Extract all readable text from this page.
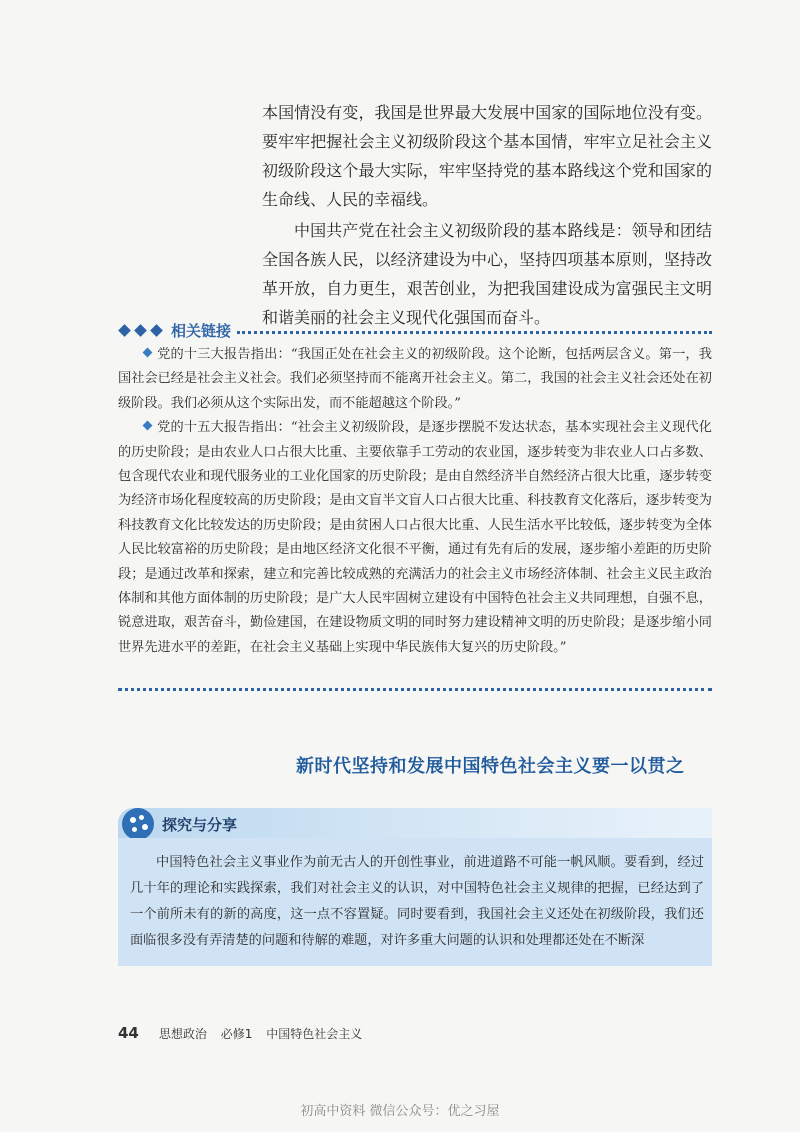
本国情没有变，我国是世界最大发展中国家的国际地位没有变。要牢牢把握社会主义初级阶段这个基本国情，牢牢立足社会主义初级阶段这个最大实际，牢牢坚持党的基本路线这个党和国家的生命线、人民的幸福线。

中国共产党在社会主义初级阶段的基本路线是：领导和团结全国各族人民，以经济建设为中心，坚持四项基本原则，坚持改革开放，自力更生，艰苦创业，为把我国建设成为富强民主文明和谐美丽的社会主义现代化强国而奋斗。

相关链接

党的十三大报告指出：“我国正处在社会主义的初级阶段。这个论断，包括两层含义。第一，我国社会已经是社会主义社会。我们必须坚持而不能离开社会主义。第二，我国的社会主义社会还处在初级阶段。我们必须从这个实际出发，而不能超越这个阶段。”

党的十五大报告指出：“社会主义初级阶段，是逐步摆脱不发达状态，基本实现社会主义现代化的历史阶段；是由农业人口占很大比重、主要依靠手工劳动的农业国，逐步转变为非农业人口占多数、包含现代农业和现代服务业的工业化国家的历史阶段；是由自然经济半自然经济占很大比重，逐步转变为经济市场化程度较高的历史阶段；是由文盲半文盲人口占很大比重、科技教育文化落后，逐步转变为科技教育文化比较发达的历史阶段；是由贫困人口占很大比重、人民生活水平比较低，逐步转变为全体人民比较富裕的历史阶段；是由地区经济文化很不平衡，通过有先有后的发展，逐步缩小差距的历史阶段；是通过改革和探索，建立和完善比较成熟的充满活力的社会主义市场经济体制、社会主义民主政治体制和其他方面体制的历史阶段；是广大人民牢固树立建设有中国特色社会主义共同理想，自强不息，锐意进取，艰苦奋斗，勤俭建国，在建设物质文明的同时努力建设精神文明的历史阶段；是逐步缩小同世界先进水平的差距，在社会主义基础上实现中华民族伟大复兴的历史阶段。”

新时代坚持和发展中国特色社会主义要一以贯之
探究与分享
中国特色社会主义事业作为前无古人的开创性事业，前进道路不可能一帆风顺。要看到，经过几十年的理论和实践探索，我们对社会主义的认识，对中国特色社会主义规律的把握，已经达到了一个前所未有的新的高度，这一点不容置疑。同时要看到，我国社会主义还处在初级阶段，我们还面临很多没有弄清楚的问题和待解的难题，对许多重大问题的认识和处理都还处在不断深
44 思想政治 必修1 中国特色社会主义
初高中资料 微信公众号：优之习屋
